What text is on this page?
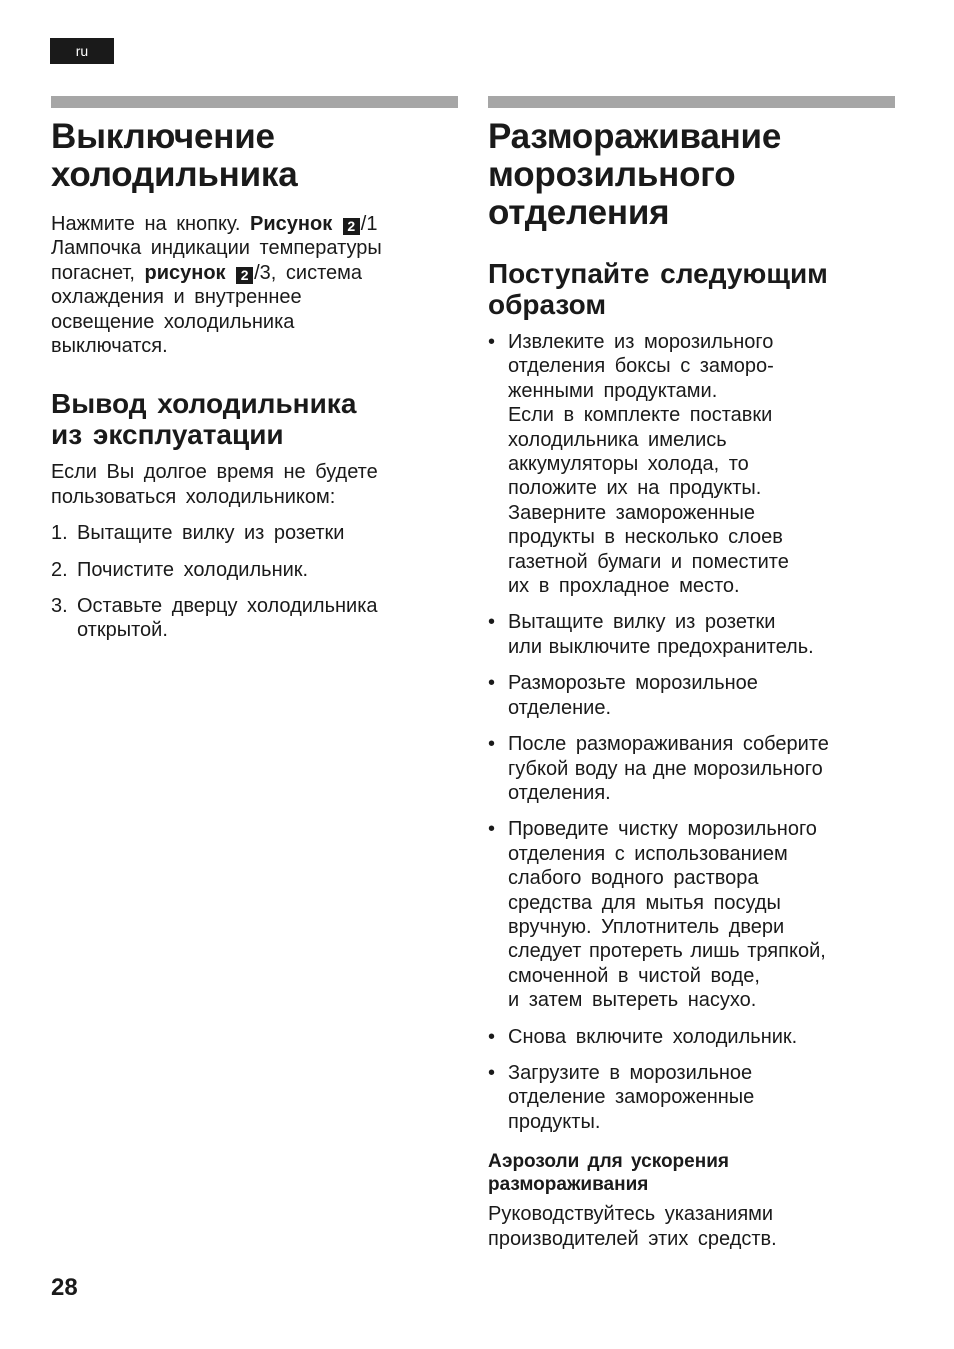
ru
Выключение
холодильника

Нажмите на кнопку. Рисунок 2 /1
Лампочка индикации температуры
погаснет, рисунок 2 /3, система
охлаждения и внутреннее
освещение холодильника
выключатся.

Вывод холодильника
из эксплуатации

Если Вы долгое время не будете
пользоваться холодильником:

1. Вытащите вилку из розетки
2. Почистите холодильник.
3. Оставьте дверцу холодильника
открытой.
Размораживание
морозильного
отделения
Поступайте следующим
образом
• Извлеките из морозильного
отделения боксы с заморо-
женными продуктами.
Если в комплекте поставки
холодильника имелись
аккумуляторы холода, то
положите их на продукты.
Заверните замороженные
продукты в несколько слоев
газетной бумаги и поместите
их в прохладное место.
• Вытащите вилку из розетки
или выключите предохранитель.
• Разморозьте морозильное
отделение.
• После размораживания соберите
губкой воду на дне морозильного
отделения.
• Проведите чистку морозильного
отделения с использованием
слабого водного раствора
средства для мытья посуды
вручную. Уплотнитель двери
следует протереть лишь тряпкой,
смоченной в чистой воде,
и затем вытереть насухо.
• Снова включите холодильник.
• Загрузите в морозильное
отделение замороженные
продукты.
Аэрозоли для ускорения
размораживания

Руководствуйтесь указаниями
производителей этих средств.

28
